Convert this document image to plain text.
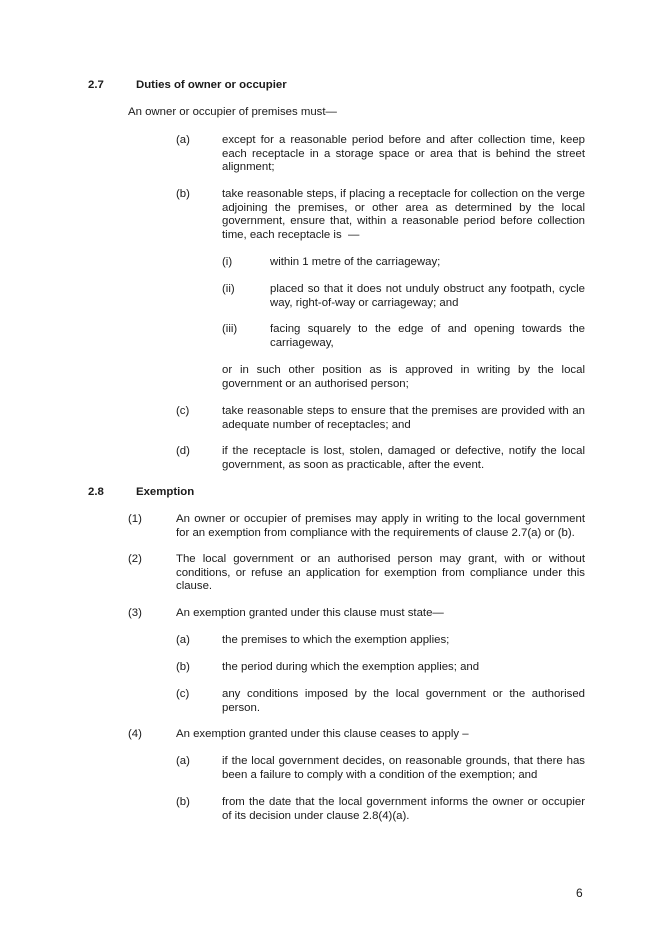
2.7	Duties of owner or occupier
An owner or occupier of premises must—
(a)	except for a reasonable period before and after collection time, keep each receptacle in a storage space or area that is behind the street alignment;
(b)	take reasonable steps, if placing a receptacle for collection on the verge adjoining the premises, or other area as determined by the local government, ensure that, within a reasonable period before collection time, each receptacle is  —
(i)	within 1 metre of the carriageway;
(ii)	placed so that it does not unduly obstruct any footpath, cycle way, right-of-way or carriageway; and
(iii)	facing squarely to the edge of and opening towards the carriageway,
or in such other position as is approved in writing by the local government or an authorised person;
(c)	take reasonable steps to ensure that the premises are provided with an adequate number of receptacles; and
(d)	if the receptacle is lost, stolen, damaged or defective, notify the local government, as soon as practicable, after the event.
2.8	Exemption
(1)	An owner or occupier of premises may apply in writing to the local government for an exemption from compliance with the requirements of clause 2.7(a) or (b).
(2)	The local government or an authorised person may grant, with or without conditions, or refuse an application for exemption from compliance under this clause.
(3)	An exemption granted under this clause must state—
(a)	the premises to which the exemption applies;
(b)	the period during which the exemption applies; and
(c)	any conditions imposed by the local government or the authorised person.
(4)	An exemption granted under this clause ceases to apply –
(a)	if the local government decides, on reasonable grounds, that there has been a failure to comply with a condition of the exemption; and
(b)	from the date that the local government informs the owner or occupier of its decision under clause 2.8(4)(a).
6
